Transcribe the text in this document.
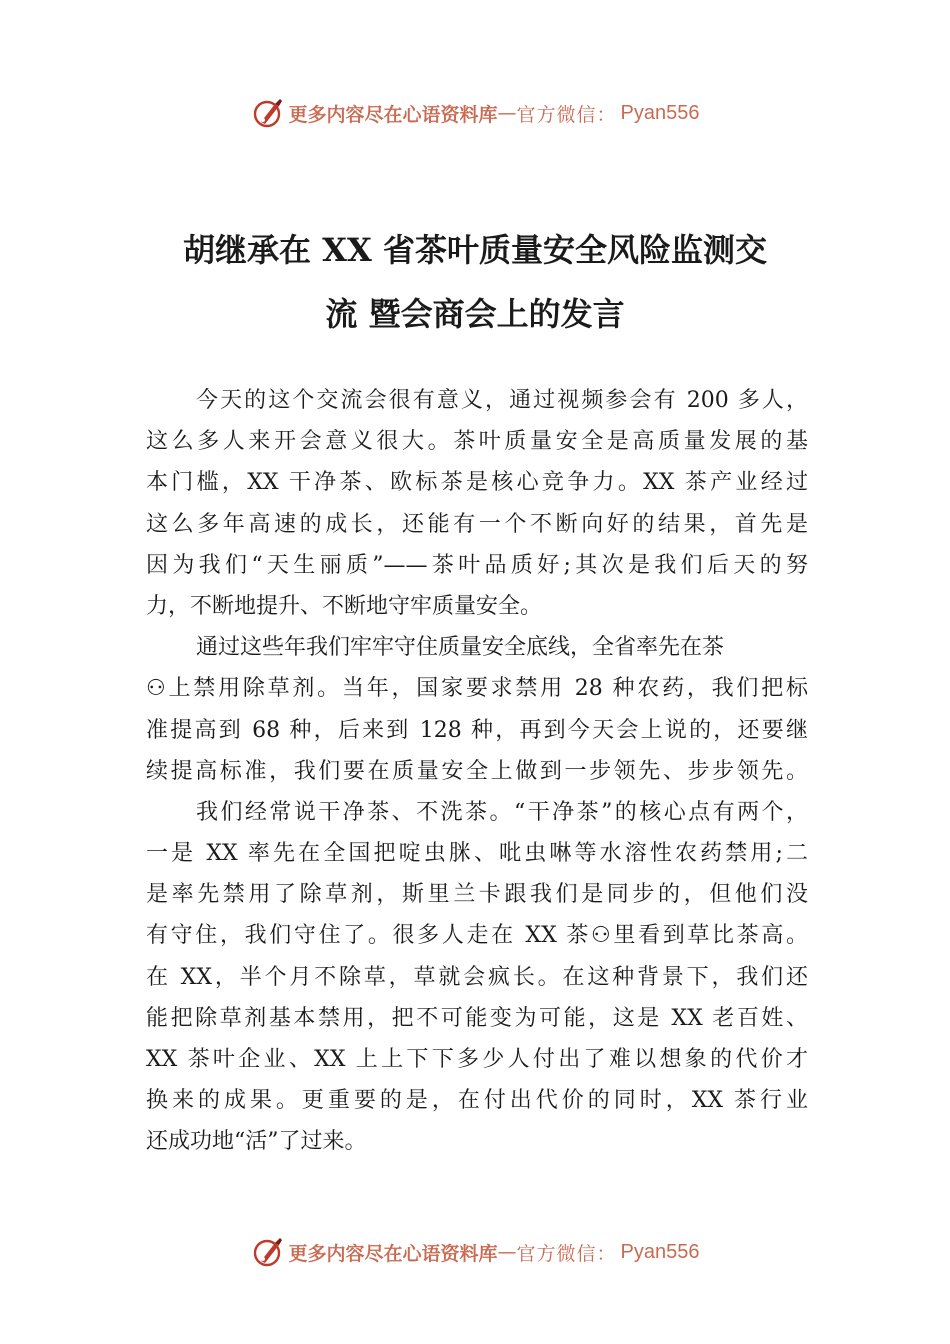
更多内容尽在心语资料库 — 官方微信： Pyan556
胡继承在 XX 省茶叶质量安全风险监测交
流 暨会商会上的发言
今天的这个交流会很有意义，通过视频参会有 200 多人，
这么多人来开会意义很大。茶叶质量安全是高质量发展的基
本门槛，XX 干净茶、欧标茶是核心竞争力。XX 茶产业经过
这么多年高速的成长，还能有一个不断向好的结果，首先是
因为我们“天生丽质”——茶叶品质好;其次是我们后天的努
力，不断地提升、不断地守牢质量安全。
通过这些年我们牢牢守住质量安全底线，全省率先在茶
⚇上禁用除草剂。当年，国家要求禁用 28 种农药，我们把标
准提高到 68 种，后来到 128 种，再到今天会上说的，还要继
续提高标准，我们要在质量安全上做到一步领先、步步领先。
我们经常说干净茶、不洗茶。“干净茶”的核心点有两个，
一是 XX 率先在全国把啶虫脒、吡虫啉等水溶性农药禁用;二
是率先禁用了除草剂，斯里兰卡跟我们是同步的，但他们没
有守住，我们守住了。很多人走在 XX 茶⚇里看到草比茶高。
在 XX，半个月不除草，草就会疯长。在这种背景下，我们还
能把除草剂基本禁用，把不可能变为可能，这是 XX 老百姓、
XX 茶叶企业、XX 上上下下多少人付出了难以想象的代价才
换来的成果。更重要的是，在付出代价的同时，XX 茶行业
还成功地“活”了过来。
更多内容尽在心语资料库 — 官方微信： Pyan556
